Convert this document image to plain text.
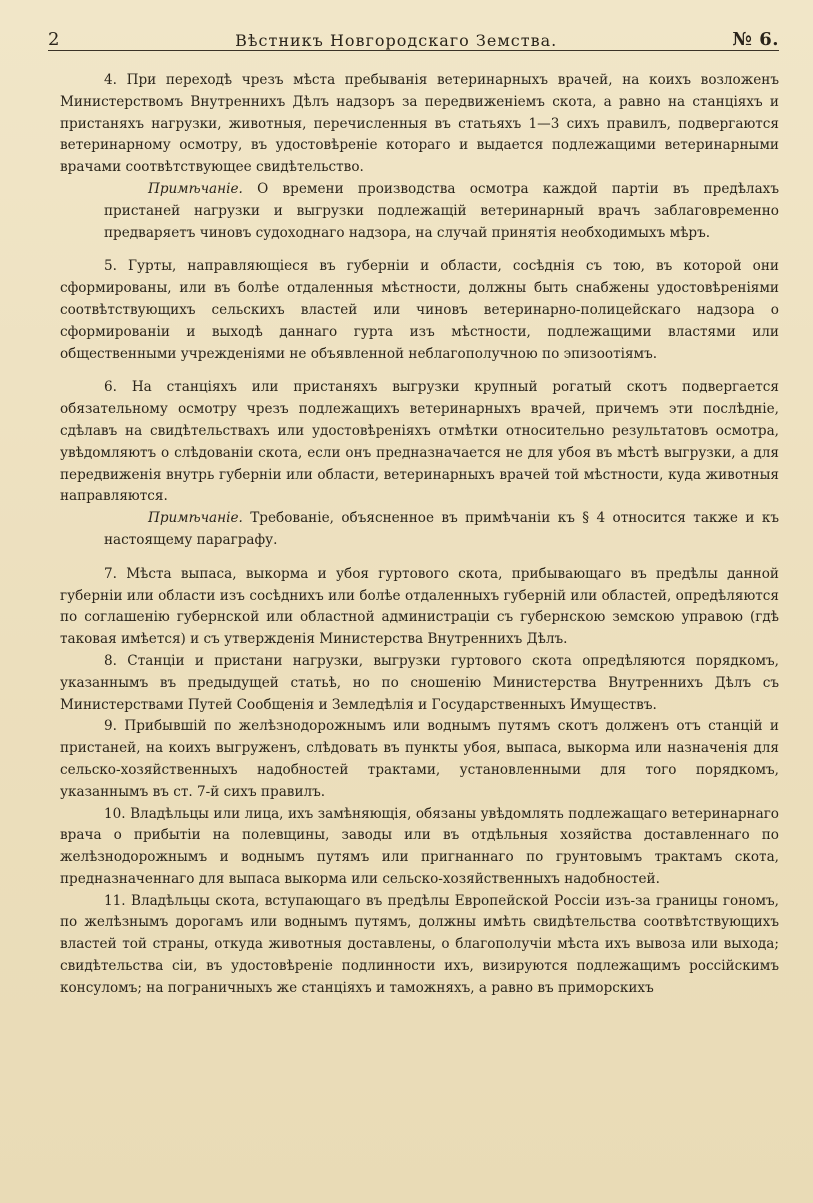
2	Вѣстникъ Новгородскаго Земства.	№ 6.

4. При переходѣ чрезъ мѣста пребыванія ветеринарныхъ врачей, на коихъ возложенъ Министерствомъ Внутреннихъ Дѣлъ надзоръ за передвиженіемъ скота, а равно на станціяхъ и пристаняхъ нагрузки, животныя, перечисленныя въ статьяхъ 1—3 сихъ правилъ, подвергаются ветеринарному осмотру, въ удостовѣреніе котораго и выдается подлежащими ветеринарными врачами соотвѣтствующее свидѣтельство.

Примѣчаніе. О времени производства осмотра каждой партіи въ предѣлахъ пристаней нагрузки и выгрузки подлежащій ветеринарный врачъ заблаговременно предваряетъ чиновъ судоходнаго надзора, на случай принятія необходимыхъ мѣръ.

5. Гурты, направляющіеся въ губерніи и области, сосѣднія съ тою, въ которой они сформированы, или въ болѣе отдаленныя мѣстности, должны быть снабжены удостовѣреніями соотвѣтствующихъ сельскихъ властей или чиновъ ветеринарно-полицейскаго надзора о сформированіи и выходѣ даннаго гурта изъ мѣстности, подлежащими властями или общественными учрежденіями не объявленной неблагополучною по эпизоотіямъ.

6. На станціяхъ или пристаняхъ выгрузки крупный рогатый скотъ подвергается обязательному осмотру чрезъ подлежащихъ ветеринарныхъ врачей, причемъ эти послѣдніе, сдѣлавъ на свидѣтельствахъ или удостовѣреніяхъ отмѣтки относительно результатовъ осмотра, увѣдомляютъ о слѣдованіи скота, если онъ предназначается не для убоя въ мѣстѣ выгрузки, а для передвиженія внутрь губерніи или области, ветеринарныхъ врачей той мѣстности, куда животныя направляются.

Примѣчаніе. Требованіе, объясненное въ примѣчаніи къ § 4 относится также и къ настоящему параграфу.

7. Мѣста выпаса, выкорма и убоя гуртового скота, прибывающаго въ предѣлы данной губерніи или области изъ сосѣднихъ или болѣе отдаленныхъ губерній или областей, опредѣляются по соглашенію губернской или областной администраціи съ губернскою земскою управою (гдѣ таковая имѣется) и съ утвержденія Министерства Внутреннихъ Дѣлъ.

8. Станціи и пристани нагрузки, выгрузки гуртового скота опредѣляются порядкомъ, указаннымъ въ предыдущей статьѣ, но по сношенію Министерства Внутреннихъ Дѣлъ съ Министерствами Путей Сообщенія и Земледѣлія и Государственныхъ Имуществъ.

9. Прибывшій по желѣзнодорожнымъ или воднымъ путямъ скотъ долженъ отъ станцій и пристаней, на коихъ выгруженъ, слѣдовать въ пункты убоя, выпаса, выкорма или назначенія для сельско-хозяйственныхъ надобностей трактами, установленными для того порядкомъ, указаннымъ въ ст. 7-й сихъ правилъ.

10. Владѣльцы или лица, ихъ замѣняющія, обязаны увѣдомлять подлежащаго ветеринарнаго врача о прибытіи на полевщины, заводы или въ отдѣльныя хозяйства доставленнаго по желѣзнодорожнымъ и воднымъ путямъ или пригнаннаго по грунтовымъ трактамъ скота, предназначеннаго для выпаса выкорма или сельско-хозяйственныхъ надобностей.

11. Владѣльцы скота, вступающаго въ предѣлы Европейской Россіи изъ-за границы гономъ, по желѣзнымъ дорогамъ или воднымъ путямъ, должны имѣть свидѣтельства соотвѣтствующихъ властей той страны, откуда животныя доставлены, о благополучіи мѣста ихъ вывоза или выхода; свидѣтельства сіи, въ удостовѣреніе подлинности ихъ, визируются подлежащимъ россійскимъ консуломъ; на пограничныхъ же станціяхъ и таможняхъ, а равно въ приморскихъ
